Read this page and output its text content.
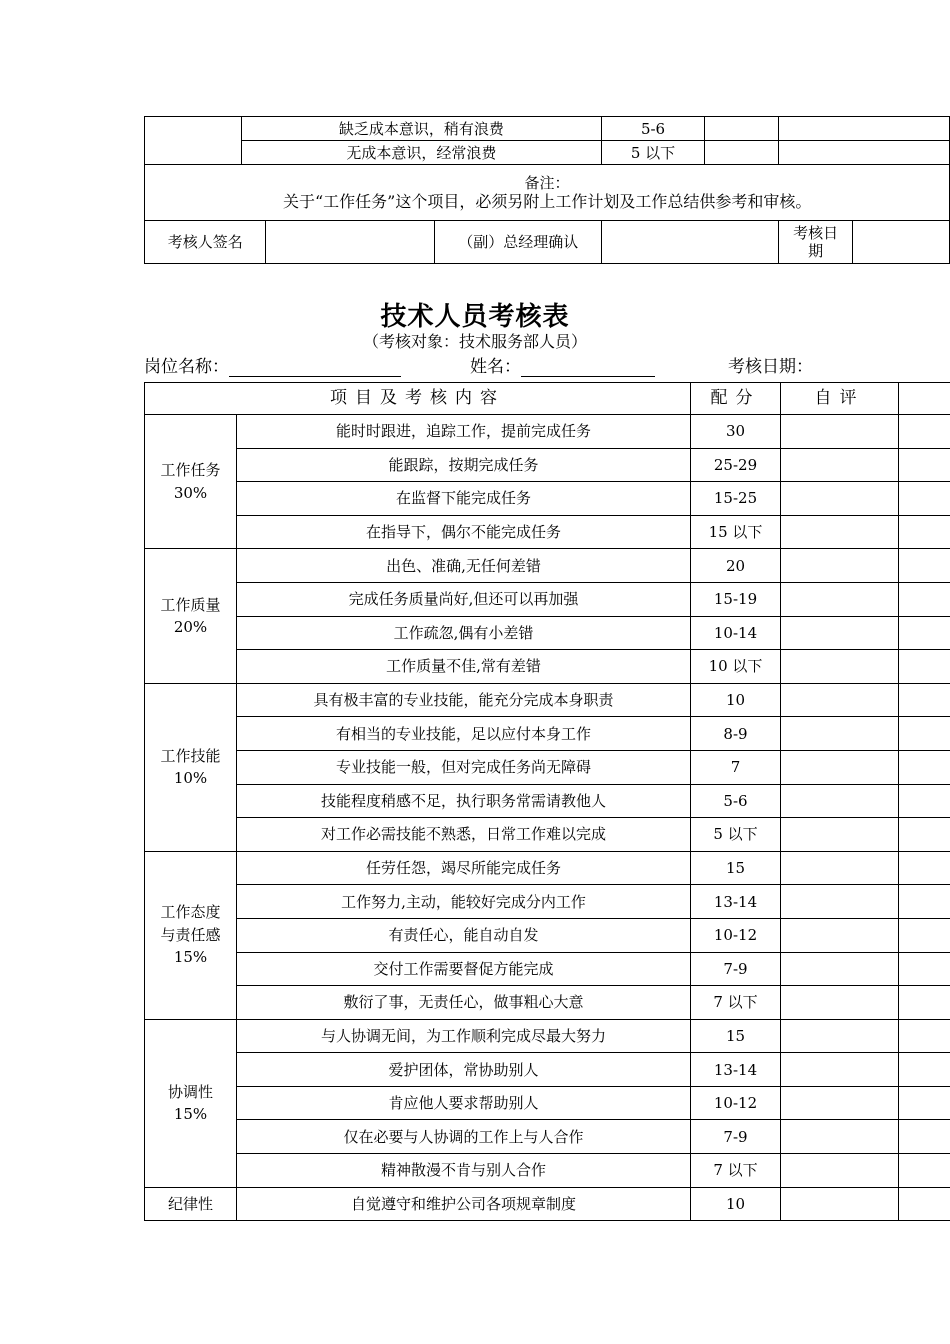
	缺乏成本意识，稍有浪费		5-6			
	无成本意识，经常浪费		5 以下			

备注：
关于“工作任务”这个项目，必须另附上工作计划及工作总结供参考和审核。						

考核人签名		（副）总经理确认			考核日期	
技术人员考核表
（考核对象：技术服务部人员）
岗位名称：	姓名：	考核日期：
项目及考核内容		配分	自评	

工作任务
30%	能时时跟进，追踪工作，提前完成任务	30		
	能跟踪，按期完成任务	25-29		
	在监督下能完成任务	15-25		
	在指导下，偶尔不能完成任务	15 以下		

工作质量
20%	出色、准确,无任何差错	20		
	完成任务质量尚好,但还可以再加强	15-19		
	工作疏忽,偶有小差错	10-14		
	工作质量不佳,常有差错	10 以下		

工作技能
10%	具有极丰富的专业技能，能充分完成本身职责	10		
	有相当的专业技能，足以应付本身工作	8-9		
	专业技能一般，但对完成任务尚无障碍	7		
	技能程度稍感不足，执行职务常需请教他人	5-6		
	对工作必需技能不熟悉，日常工作难以完成	5 以下		

工作态度与责任感
15%	任劳任怨，竭尽所能完成任务	15		
	工作努力,主动，能较好完成分内工作	13-14		
	有责任心，能自动自发	10-12		
	交付工作需要督促方能完成	7-9		
	敷衍了事，无责任心，做事粗心大意	7 以下		

协调性
15%	与人协调无间，为工作顺利完成尽最大努力	15		
	爱护团体，常协助别人	13-14		
	肯应他人要求帮助别人	10-12		
	仅在必要与人协调的工作上与人合作	7-9		
	精神散漫不肯与别人合作	7 以下		

纪律性	自觉遵守和维护公司各项规章制度	10		
